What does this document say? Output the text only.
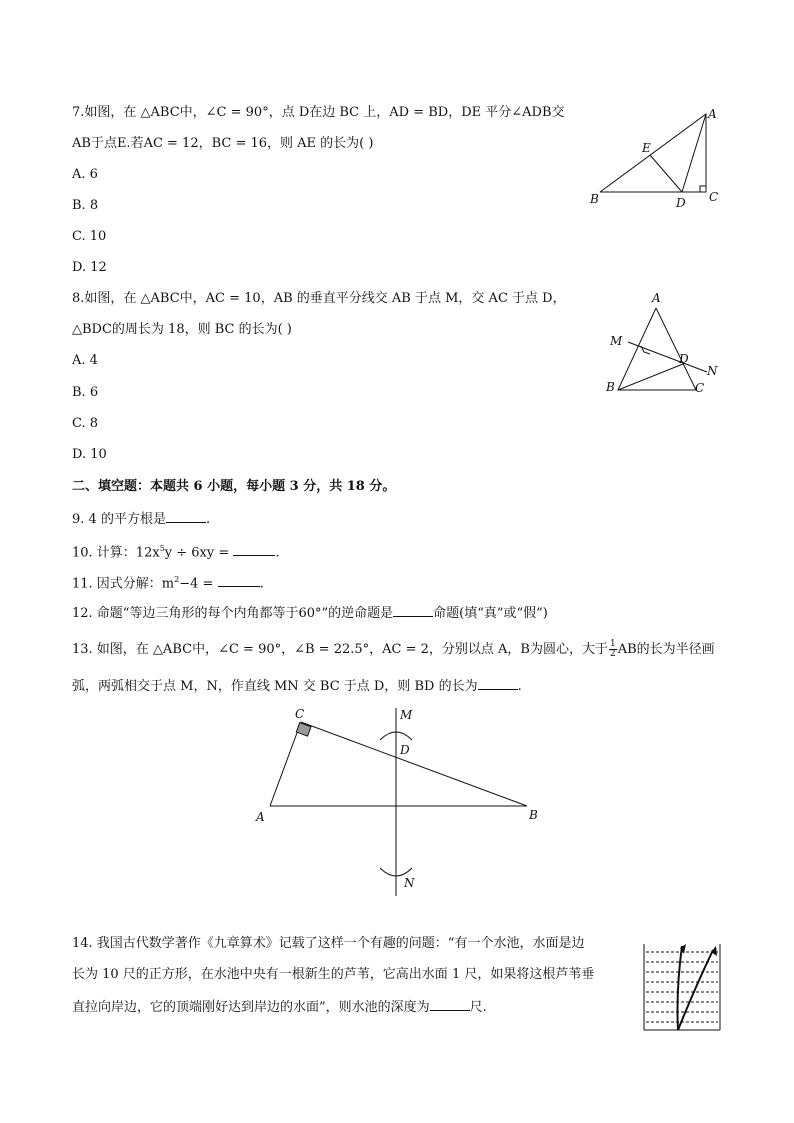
7.如图，在 △ABC中，∠C = 90°，点 D在边 BC 上，AD = BD，DE 平分∠ADB交
AB于点E.若AC = 12，BC = 16，则 AE 的长为( )
A. 6
B. 8
C. 10
D. 12
A
E
B	D C
8.如图，在 △ABC中，AC = 10，AB 的垂直平分线交 AB 于点 M，交 AC 于点 D，
△BDC的周长为 18，则 BC 的长为( )
A. 4
B. 6
C. 8
D. 10
A
M
D
N
B	C
二、填空题：本题共 6 小题，每小题 3 分，共 18 分。
9. 4 的平方根是	.
10. 计算：$12x^5y \div 6xy$ =	.
11. 因式分解：$m^2-4$ =	.
12. 命题“等边三角形的每个内角都等于60°”的逆命题是	命题(填“真”或“假”)
13. 如图，在 △ABC中，∠C = 90°，∠B = 22.5°，AC = 2，分别以点 A，B为圆心，大于 $\frac{1}{2}$ AB的长为半径画
弧，两弧相交于点 M，N，作直线 MN 交 BC 于点 D，则 BD 的长为	.
C	M
D
A	B
N
14. 我国古代数学著作《九章算术》记载了这样一个有趣的问题：“有一个水池，水面是边
长为 10 尺的正方形，在水池中央有一根新生的芦苇，它高出水面 1 尺，如果将这根芦苇垂
直拉向岸边，它的顶端刚好达到岸边的水面”，则水池的深度为	尺.
